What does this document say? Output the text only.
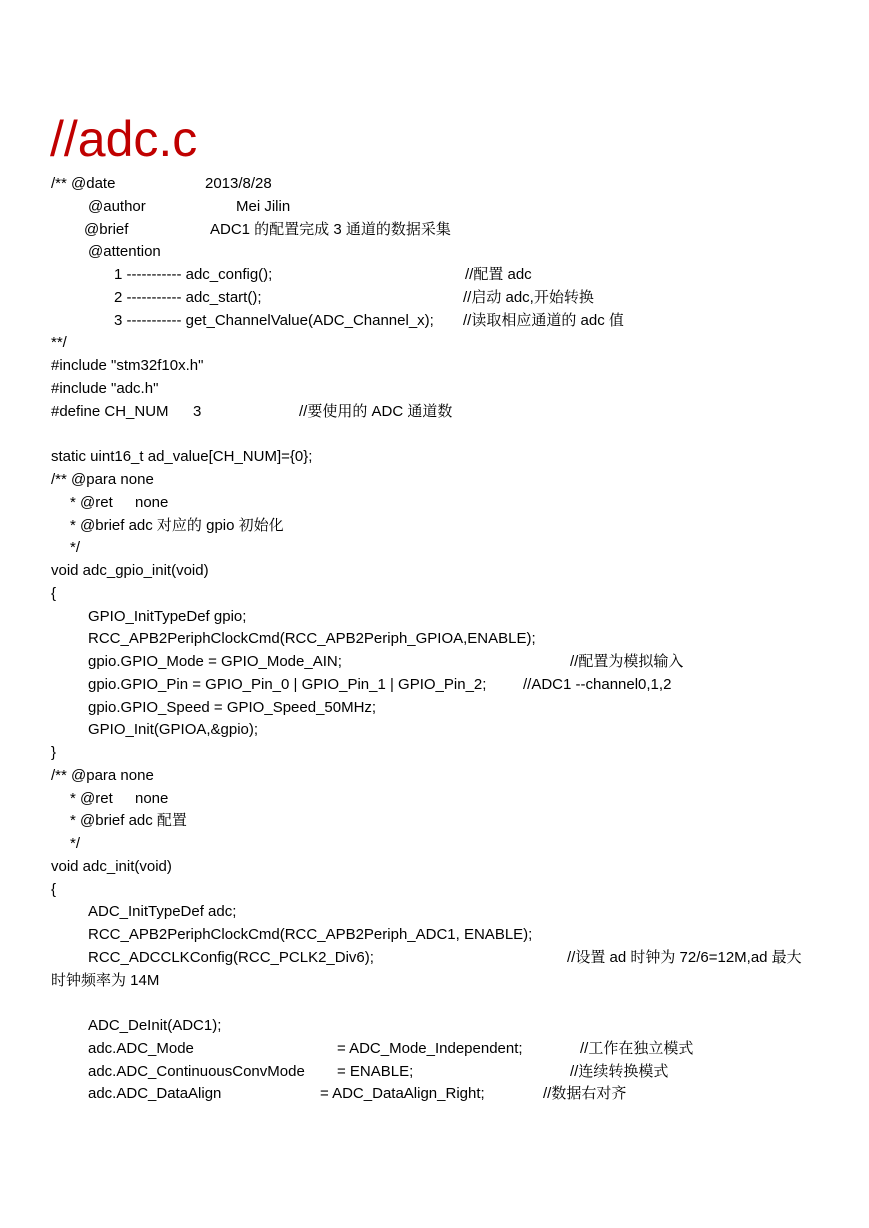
//adc.c
/** @date	2013/8/28
@author	Mei Jilin
@brief	ADC1 的配置完成 3 通道的数据采集
@attention
1 ----------- adc_config();	//配置 adc
2 ----------- adc_start();	//启动 adc,开始转换
3 ----------- get_ChannelValue(ADC_Channel_x); //读取相应通道的 adc 值
**/
#include "stm32f10x.h"
#include "adc.h"
#define CH_NUM 3	//要使用的 ADC 通道数
static uint16_t ad_value[CH_NUM]={0};
/** @para none
* @ret none
* @brief adc 对应的 gpio 初始化
*/
void adc_gpio_init(void)
{
GPIO_InitTypeDef gpio;
RCC_APB2PeriphClockCmd(RCC_APB2Periph_GPIOA,ENABLE);
gpio.GPIO_Mode = GPIO_Mode_AIN;	//配置为模拟输入
gpio.GPIO_Pin = GPIO_Pin_0 | GPIO_Pin_1 | GPIO_Pin_2; //ADC1 --channel0,1,2
gpio.GPIO_Speed = GPIO_Speed_50MHz;
GPIO_Init(GPIOA,&gpio);
}
/** @para none
* @ret none
* @brief adc 配置
*/
void adc_init(void)
{
ADC_InitTypeDef adc;
RCC_APB2PeriphClockCmd(RCC_APB2Periph_ADC1, ENABLE);
RCC_ADCCLKConfig(RCC_PCLK2_Div6);	//设置 ad 时钟为 72/6=12M,ad 最大
时钟频率为 14M
ADC_DeInit(ADC1);
adc.ADC_Mode	= ADC_Mode_Independent;	//工作在独立模式
adc.ADC_ContinuousConvMode = ENABLE;	//连续转换模式
adc.ADC_DataAlign	= ADC_DataAlign_Right;	//数据右对齐
